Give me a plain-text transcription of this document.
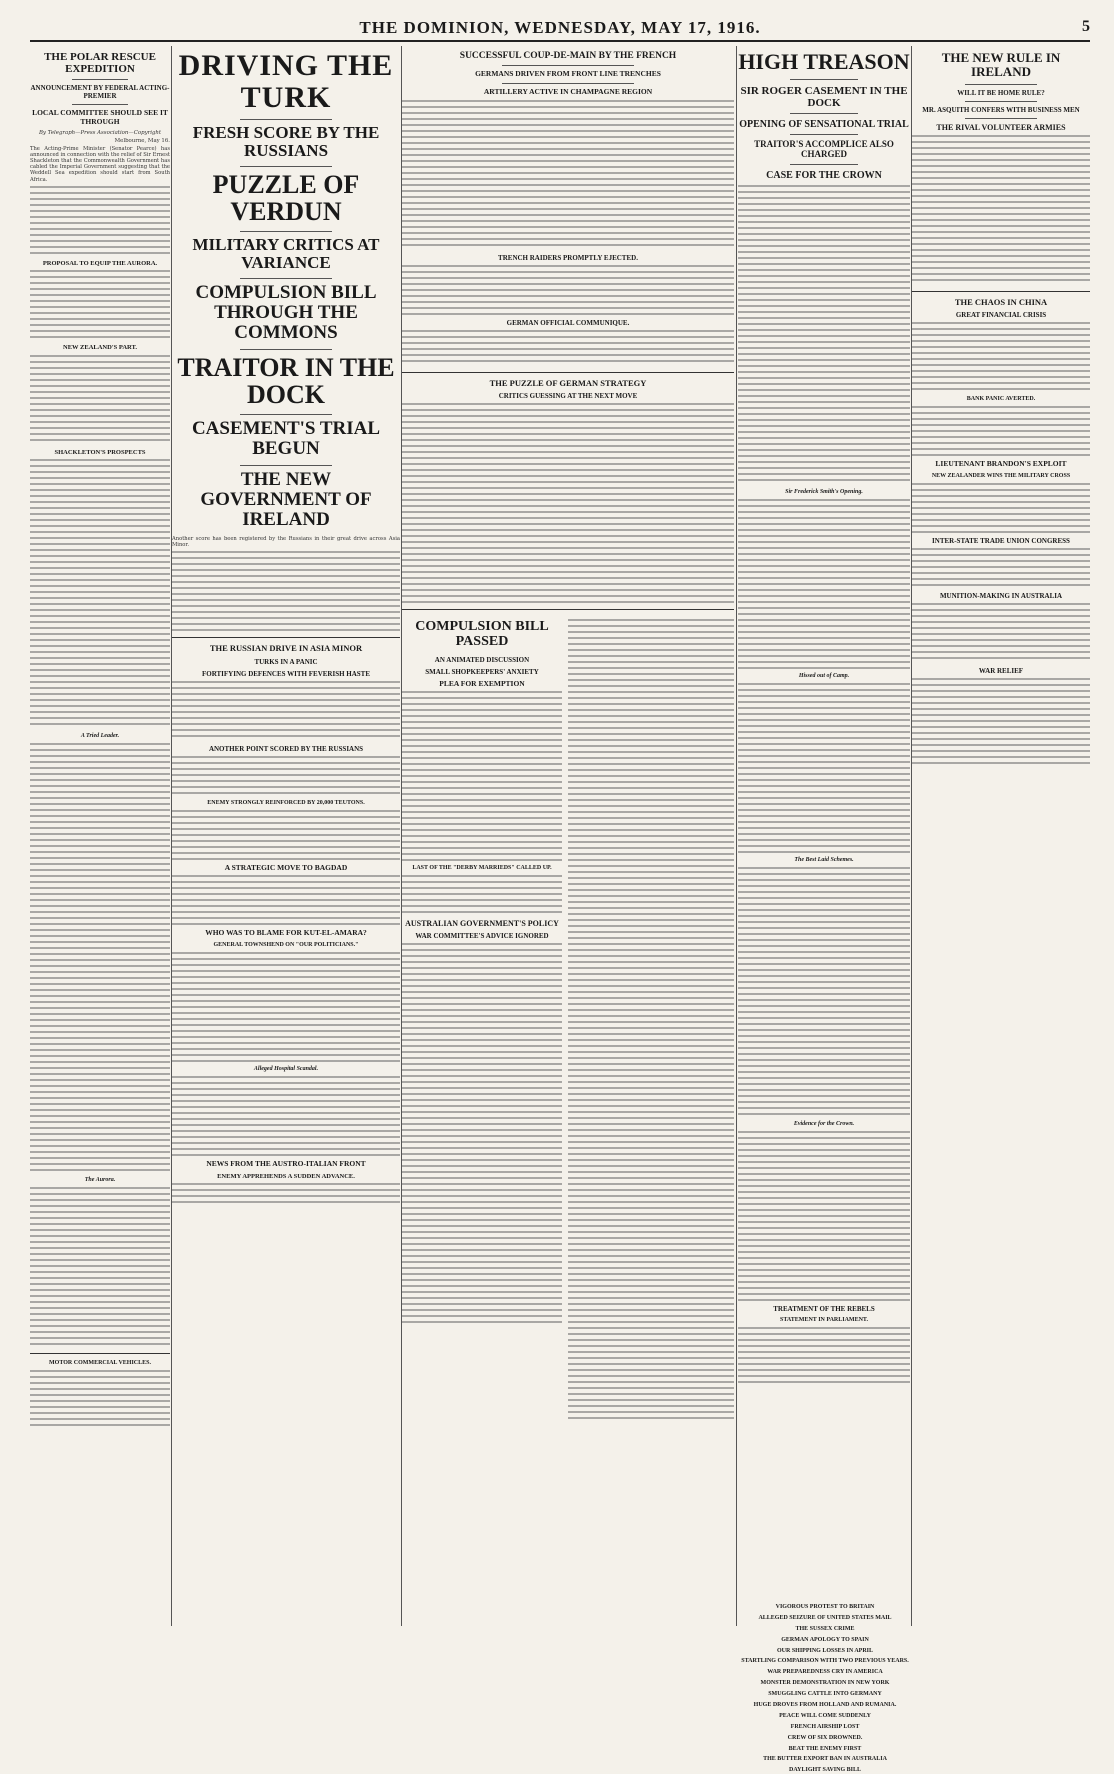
THE DOMINION, WEDNESDAY, MAY 17, 1916.	5
THE POLAR RESCUE EXPEDITION
ANNOUNCEMENT BY FEDERAL ACTING-PREMIER
LOCAL COMMITTEE SHOULD SEE IT THROUGH
By Telegraph—Press Association—Copyright
Melbourne, May 16.
The Acting-Prime Minister (Senator Pearce) has announced in connection with the relief of Sir Ernest Shackleton that the Commonwealth Government has cabled the Imperial Government suggesting that the Weddell Sea expedition should start from South Africa.
PROPOSAL TO EQUIP THE AURORA.
NEW ZEALAND'S PART.
SHACKLETON'S PROSPECTS
A Tried Leader.
The Aurora.
MOTOR COMMERCIAL VEHICLES.
DRIVING THE TURK
FRESH SCORE BY THE RUSSIANS
PUZZLE OF VERDUN
MILITARY CRITICS AT VARIANCE
COMPULSION BILL THROUGH THE COMMONS
TRAITOR IN THE DOCK
CASEMENT'S TRIAL BEGUN
THE NEW GOVERNMENT OF IRELAND
Another score has been registered by the Russians in their great drive across Asia Minor.
THE RUSSIAN DRIVE IN ASIA MINOR
TURKS IN A PANIC
FORTIFYING DEFENCES WITH FEVERISH HASTE
ANOTHER POINT SCORED BY THE RUSSIANS
ENEMY STRONGLY REINFORCED BY 20,000 TEUTONS.
A STRATEGIC MOVE TO BAGDAD
WHO WAS TO BLAME FOR KUT-EL-AMARA?
GENERAL TOWNSHEND ON "OUR POLITICIANS."
Alleged Hospital Scandal.
NEWS FROM THE AUSTRO-ITALIAN FRONT
ENEMY APPREHENDS A SUDDEN ADVANCE.
SUCCESSFUL COUP-DE-MAIN BY THE FRENCH
GERMANS DRIVEN FROM FRONT LINE TRENCHES
ARTILLERY ACTIVE IN CHAMPAGNE REGION
TRENCH RAIDERS PROMPTLY EJECTED.
GERMAN OFFICIAL COMMUNIQUE.
THE PUZZLE OF GERMAN STRATEGY
CRITICS GUESSING AT THE NEXT MOVE
COMPULSION BILL PASSED
AN ANIMATED DISCUSSION
SMALL SHOPKEEPERS' ANXIETY
PLEA FOR EXEMPTION
LAST OF THE "DERBY MARRIEDS" CALLED UP.
AUSTRALIAN GOVERNMENT'S POLICY
WAR COMMITTEE'S ADVICE IGNORED
HIGH TREASON
SIR ROGER CASEMENT IN THE DOCK
OPENING OF SENSATIONAL TRIAL
TRAITOR'S ACCOMPLICE ALSO CHARGED
CASE FOR THE CROWN
Sir Frederick Smith's Opening.
Hissed out of Camp.
The Best Laid Schemes.
Evidence for the Crown.
TREATMENT OF THE REBELS
STATEMENT IN PARLIAMENT.
THE NEW RULE IN IRELAND
WILL IT BE HOME RULE?
MR. ASQUITH CONFERS WITH BUSINESS MEN
THE RIVAL VOLUNTEER ARMIES
THE CHAOS IN CHINA
GREAT FINANCIAL CRISIS
BANK PANIC AVERTED.
LIEUTENANT BRANDON'S EXPLOIT
NEW ZEALANDER WINS THE MILITARY CROSS
INTER-STATE TRADE UNION CONGRESS
MUNITION-MAKING IN AUSTRALIA
WAR RELIEF
VIGOROUS PROTEST TO BRITAIN
ALLEGED SEIZURE OF UNITED STATES MAIL
THE SUSSEX CRIME
GERMAN APOLOGY TO SPAIN
OUR SHIPPING LOSSES IN APRIL
STARTLING COMPARISON WITH TWO PREVIOUS YEARS.
WAR PREPAREDNESS CRY IN AMERICA
MONSTER DEMONSTRATION IN NEW YORK
SMUGGLING CATTLE INTO GERMANY
HUGE DROVES FROM HOLLAND AND RUMANIA.
PEACE WILL COME SUDDENLY
FRENCH AIRSHIP LOST
CREW OF SIX DROWNED.
BEAT THE ENEMY FIRST
THE BUTTER EXPORT BAN IN AUSTRALIA
DAYLIGHT SAVING BILL
